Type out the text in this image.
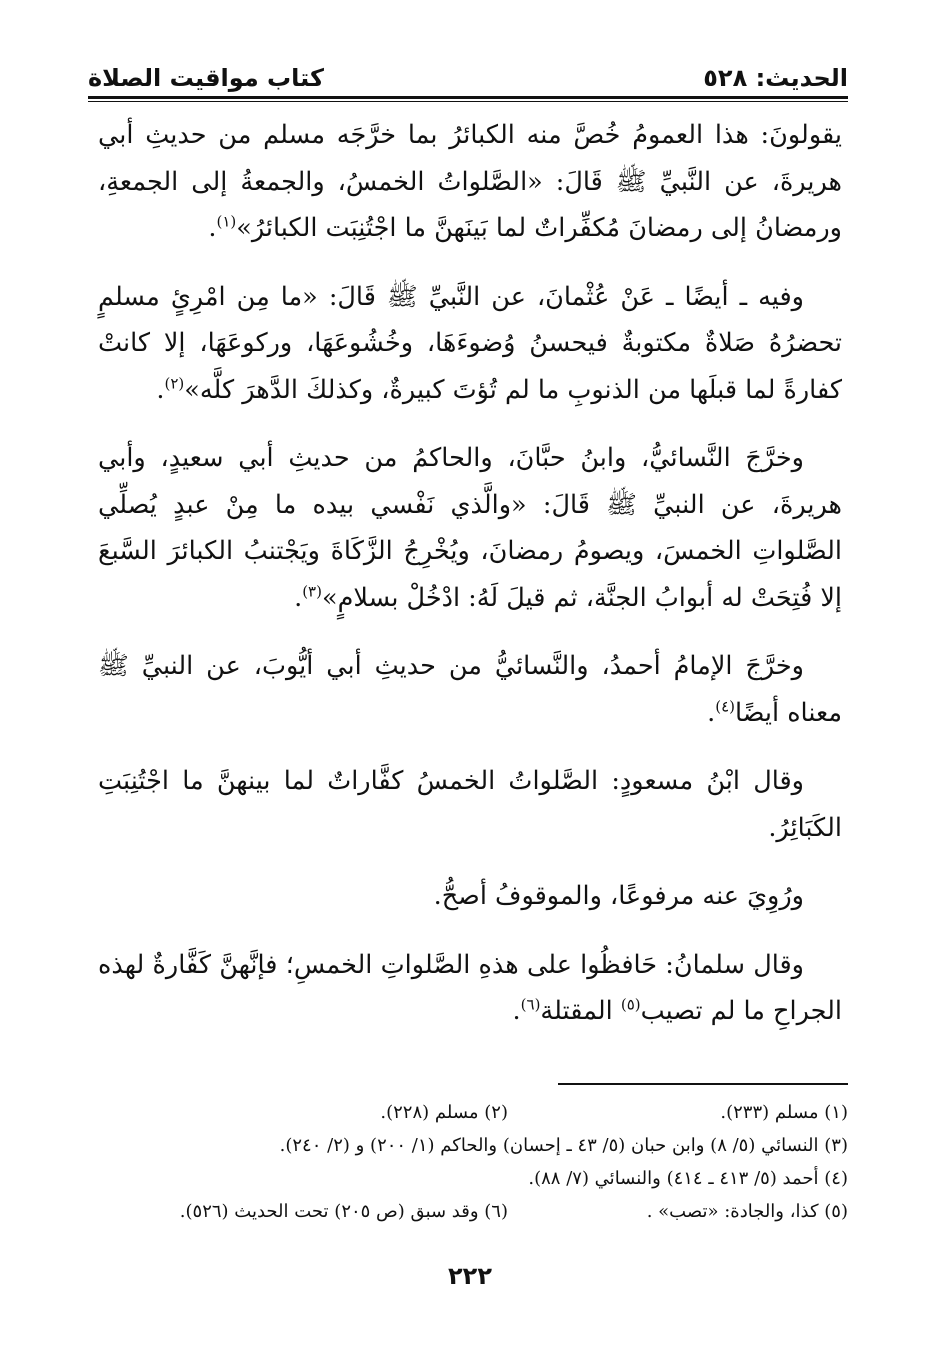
الحديث: ٥٢٨
كتاب مواقيت الصلاة

يقولونَ: هذا العمومُ خُصَّ منه الكبائرُ بما خرَّجَه مسلم من حديثِ أبي هريرةَ، عن النَّبيِّ ﷺ قَالَ: «الصَّلواتُ الخمسُ، والجمعةُ إلى الجمعةِ، ورمضانُ إلى رمضانَ مُكفِّراتٌ لما بَينَهنَّ ما اجْتُنِبَت الكبائرُ»$^{(١)}$.

وفيه ـ أيضًا ـ عَنْ عُثْمانَ، عن النَّبيِّ ﷺ قَالَ: «ما مِن امْرِئٍ مسلمٍ تحضرُهُ صَلاةٌ مكتوبةٌ فيحسنُ وُضوءَهَا، وخُشُوعَهَا، وركوعَهَا، إلا كانتْ كفارةً لما قبلَها من الذنوبِ ما لم تُؤتَ كبيرةٌ، وكذلكَ الدَّهرَ كلَّه»$^{(٢)}$.

وخرَّجَ النَّسائيُّ، وابنُ حبَّانَ، والحاكمُ من حديثِ أبي سعيدٍ، وأبي هريرةَ، عن النبيِّ ﷺ قَالَ: «والَّذي نَفْسي بيده ما مِنْ عبدٍ يُصلِّي الصَّلواتِ الخمسَ، ويصومُ رمضانَ، ويُخْرِجُ الزَّكَاةَ ويَجْتنبُ الكبائرَ السَّبعَ إلا فُتِحَتْ له أبوابُ الجنَّة، ثم قيلَ لَهُ: ادْخُلْ بسلامٍ»$^{(٣)}$.

وخرَّجَ الإمامُ أحمدُ، والنَّسائيُّ من حديثِ أبي أيُّوبَ، عن النبيِّ ﷺ معناه أيضًا$^{(٤)}$.

وقال ابْنُ مسعودٍ: الصَّلواتُ الخمسُ كفَّاراتٌ لما بينهنَّ ما اجْتُنِبَتِ الكَبَائِرُ.

ورُوِيَ عنه مرفوعًا، والموقوفُ أصحُّ.

وقال سلمانُ: حَافظُوا على هذهِ الصَّلواتِ الخمسِ؛ فإنَّهنَّ كَفَّارةٌ لهذه الجراحِ ما لم تصيب$^{(٥)}$ المقتلة$^{(٦)}$.

(١) مسلم (٢٣٣).
(٢) مسلم (٢٢٨).
(٣) النسائي (٥/ ٨) وابن حبان (٥/ ٤٣ ـ إحسان) والحاكم (١/ ٢٠٠) و (٢/ ٢٤٠).
(٤) أحمد (٥/ ٤١٣ ـ ٤١٤) والنسائي (٧/ ٨٨).
(٥) كذا، والجادة: «تصب» .
(٦) وقد سبق (ص ٢٠٥) تحت الحديث (٥٢٦).
٢٢٢
